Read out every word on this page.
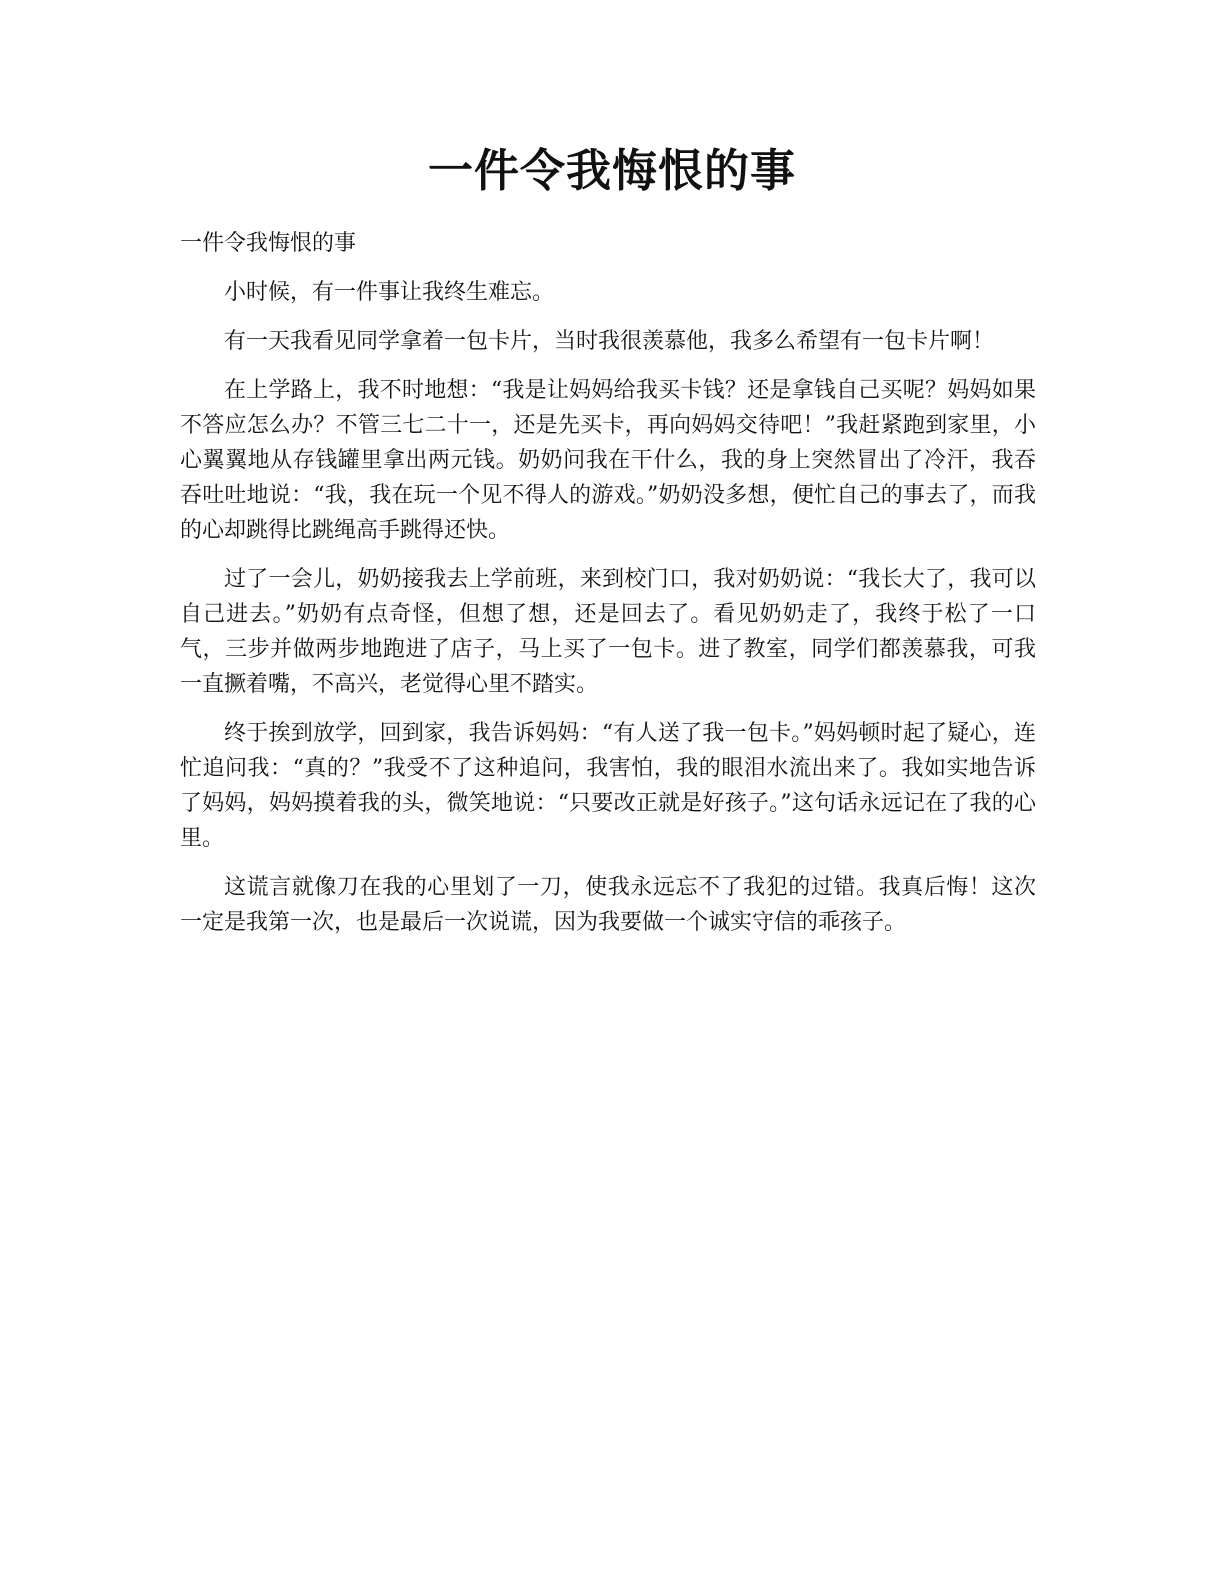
一件令我悔恨的事

一件令我悔恨的事

小时候，有一件事让我终生难忘。

有一天我看见同学拿着一包卡片，当时我很羡慕他，我多么希望有一包卡片啊！

在上学路上，我不时地想：“我是让妈妈给我买卡钱？还是拿钱自己买呢？妈妈如果不答应怎么办？不管三七二十一，还是先买卡，再向妈妈交待吧！”我赶紧跑到家里，小心翼翼地从存钱罐里拿出两元钱。奶奶问我在干什么，我的身上突然冒出了冷汗，我吞吞吐吐地说：“我，我在玩一个见不得人的游戏。”奶奶没多想，便忙自己的事去了，而我的心却跳得比跳绳高手跳得还快。

过了一会儿，奶奶接我去上学前班，来到校门口，我对奶奶说：“我长大了，我可以自己进去。”奶奶有点奇怪，但想了想，还是回去了。看见奶奶走了，我终于松了一口气，三步并做两步地跑进了店子，马上买了一包卡。进了教室，同学们都羡慕我，可我一直撅着嘴，不高兴，老觉得心里不踏实。

终于挨到放学，回到家，我告诉妈妈：“有人送了我一包卡。”妈妈顿时起了疑心，连忙追问我：“真的？”我受不了这种追问，我害怕，我的眼泪水流出来了。我如实地告诉了妈妈，妈妈摸着我的头，微笑地说：“只要改正就是好孩子。”这句话永远记在了我的心里。

这谎言就像刀在我的心里划了一刀，使我永远忘不了我犯的过错。我真后悔！这次一定是我第一次，也是最后一次说谎，因为我要做一个诚实守信的乖孩子。
